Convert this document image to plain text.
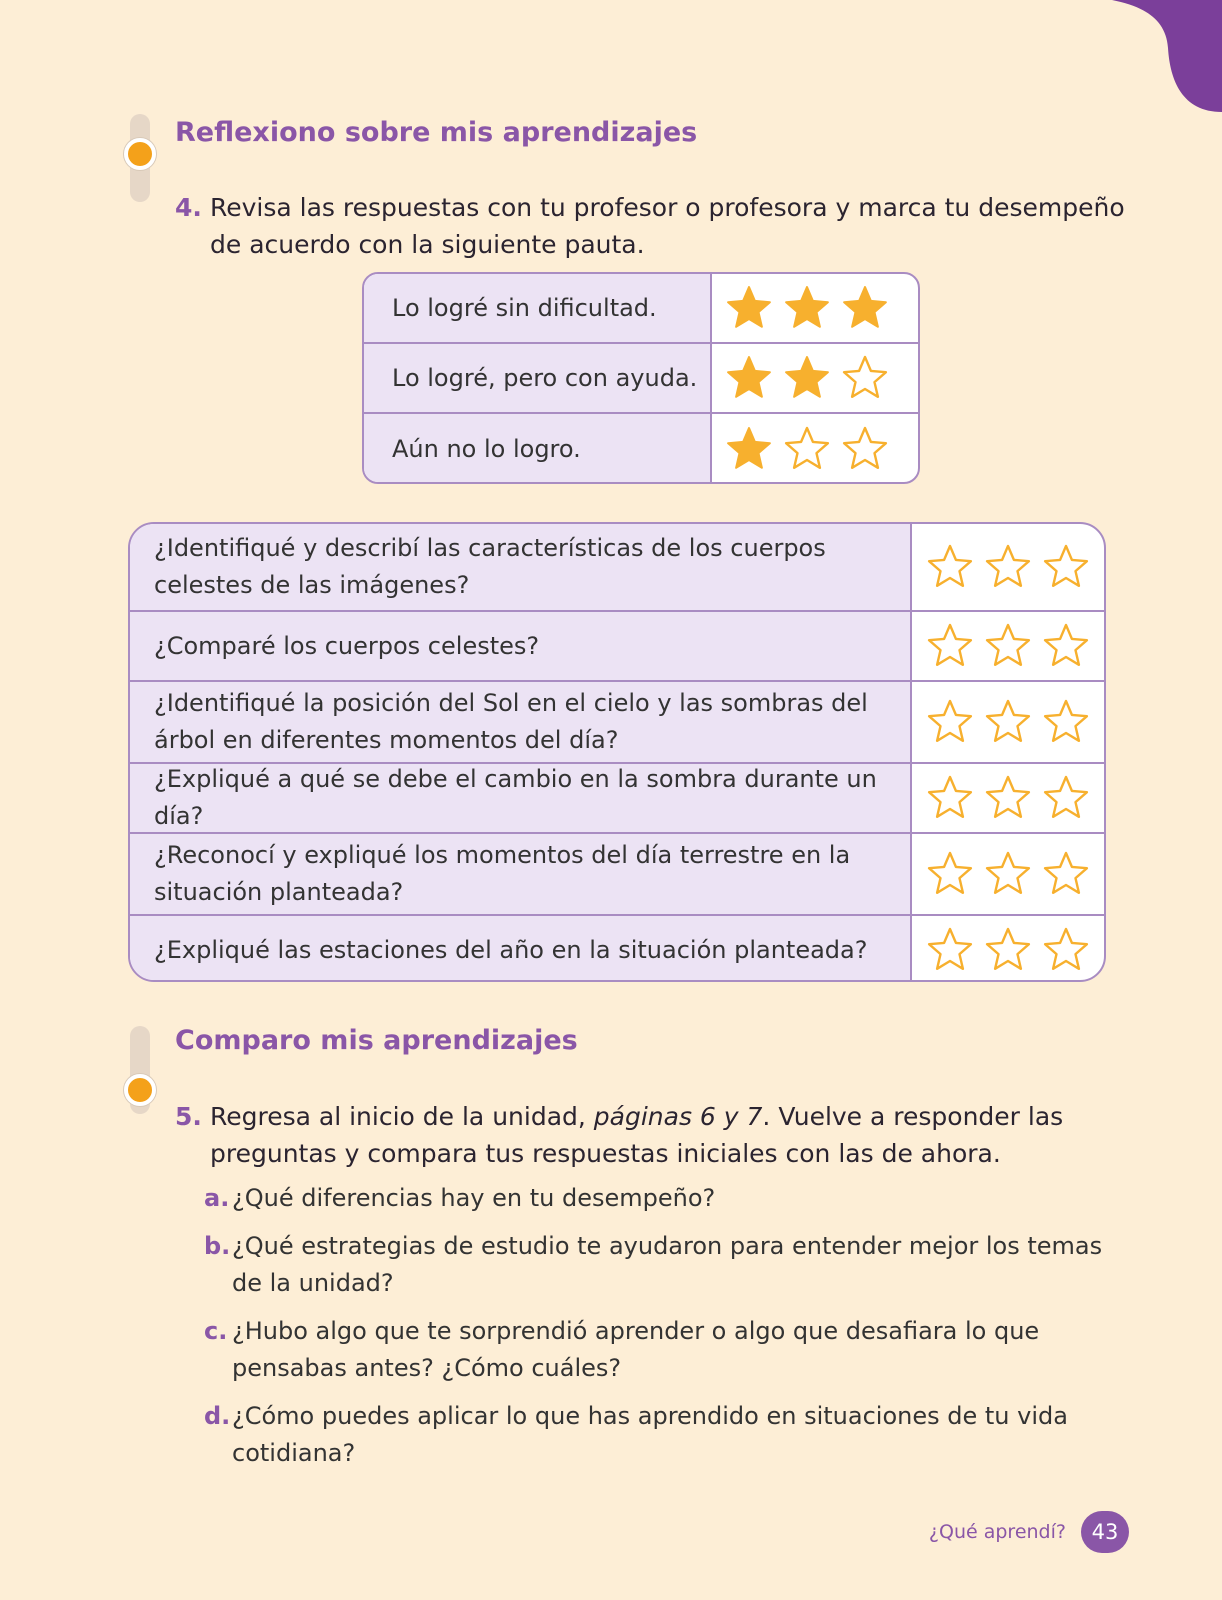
Reflexiono sobre mis aprendizajes
4. Revisa las respuestas con tu profesor o profesora y marca tu desempeño de acuerdo con la siguiente pauta.
Lo logré sin dificultad.
Lo logré, pero con ayuda.
Aún no lo logro.
¿Identifiqué y describí las características de los cuerpos celestes de las imágenes?
¿Comparé los cuerpos celestes?
¿Identifiqué la posición del Sol en el cielo y las sombras del árbol en diferentes momentos del día?
¿Expliqué a qué se debe el cambio en la sombra durante un día?
¿Reconocí y expliqué los momentos del día terrestre en la situación planteada?
¿Expliqué las estaciones del año en la situación planteada?
Comparo mis aprendizajes
5. Regresa al inicio de la unidad, páginas 6 y 7. Vuelve a responder las preguntas y compara tus respuestas iniciales con las de ahora.
a. ¿Qué diferencias hay en tu desempeño?
b. ¿Qué estrategias de estudio te ayudaron para entender mejor los temas de la unidad?
c. ¿Hubo algo que te sorprendió aprender o algo que desafiara lo que pensabas antes? ¿Cómo cuáles?
d. ¿Cómo puedes aplicar lo que has aprendido en situaciones de tu vida cotidiana?
¿Qué aprendí?	43
